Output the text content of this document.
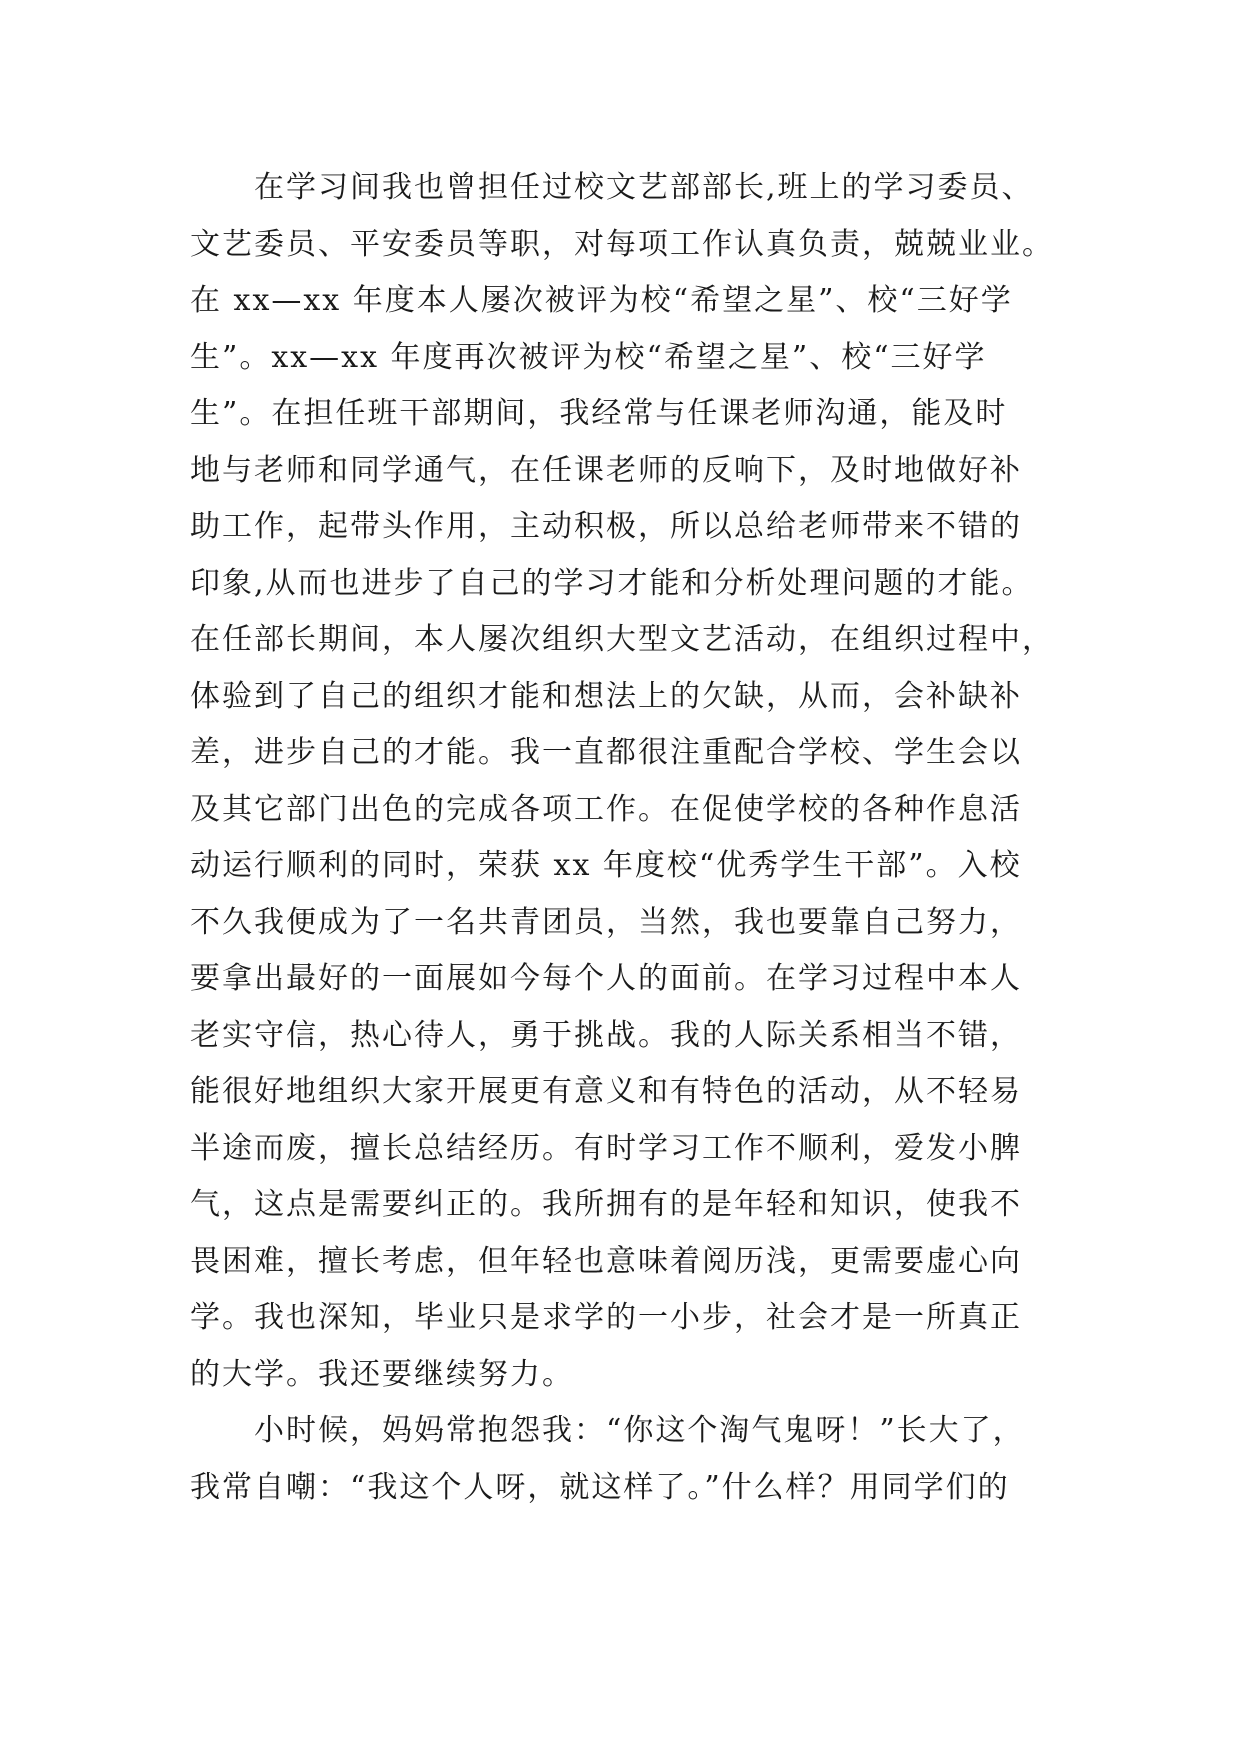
在学习间我也曾担任过校文艺部部长,班上的学习委员、
文艺委员、平安委员等职，对每项工作认真负责，兢兢业业。
在 xx—xx 年度本人屡次被评为校“希望之星”、校“三好学
生”。xx—xx 年度再次被评为校“希望之星”、校“三好学
生”。在担任班干部期间，我经常与任课老师沟通，能及时
地与老师和同学通气，在任课老师的反响下，及时地做好补
助工作，起带头作用，主动积极，所以总给老师带来不错的
印象,从而也进步了自己的学习才能和分析处理问题的才能。
在任部长期间，本人屡次组织大型文艺活动，在组织过程中，
体验到了自己的组织才能和想法上的欠缺，从而，会补缺补
差，进步自己的才能。我一直都很注重配合学校、学生会以
及其它部门出色的完成各项工作。在促使学校的各种作息活
动运行顺利的同时，荣获 xx 年度校“优秀学生干部”。入校
不久我便成为了一名共青团员，当然，我也要靠自己努力，
要拿出最好的一面展如今每个人的面前。在学习过程中本人
老实守信，热心待人，勇于挑战。我的人际关系相当不错，
能很好地组织大家开展更有意义和有特色的活动，从不轻易
半途而废，擅长总结经历。有时学习工作不顺利，爱发小脾
气，这点是需要纠正的。我所拥有的是年轻和知识，使我不
畏困难，擅长考虑，但年轻也意味着阅历浅，更需要虚心向
学。我也深知，毕业只是求学的一小步，社会才是一所真正
的大学。我还要继续努力。
小时候，妈妈常抱怨我：“你这个淘气鬼呀！”长大了，
我常自嘲：“我这个人呀，就这样了。”什么样？用同学们的
